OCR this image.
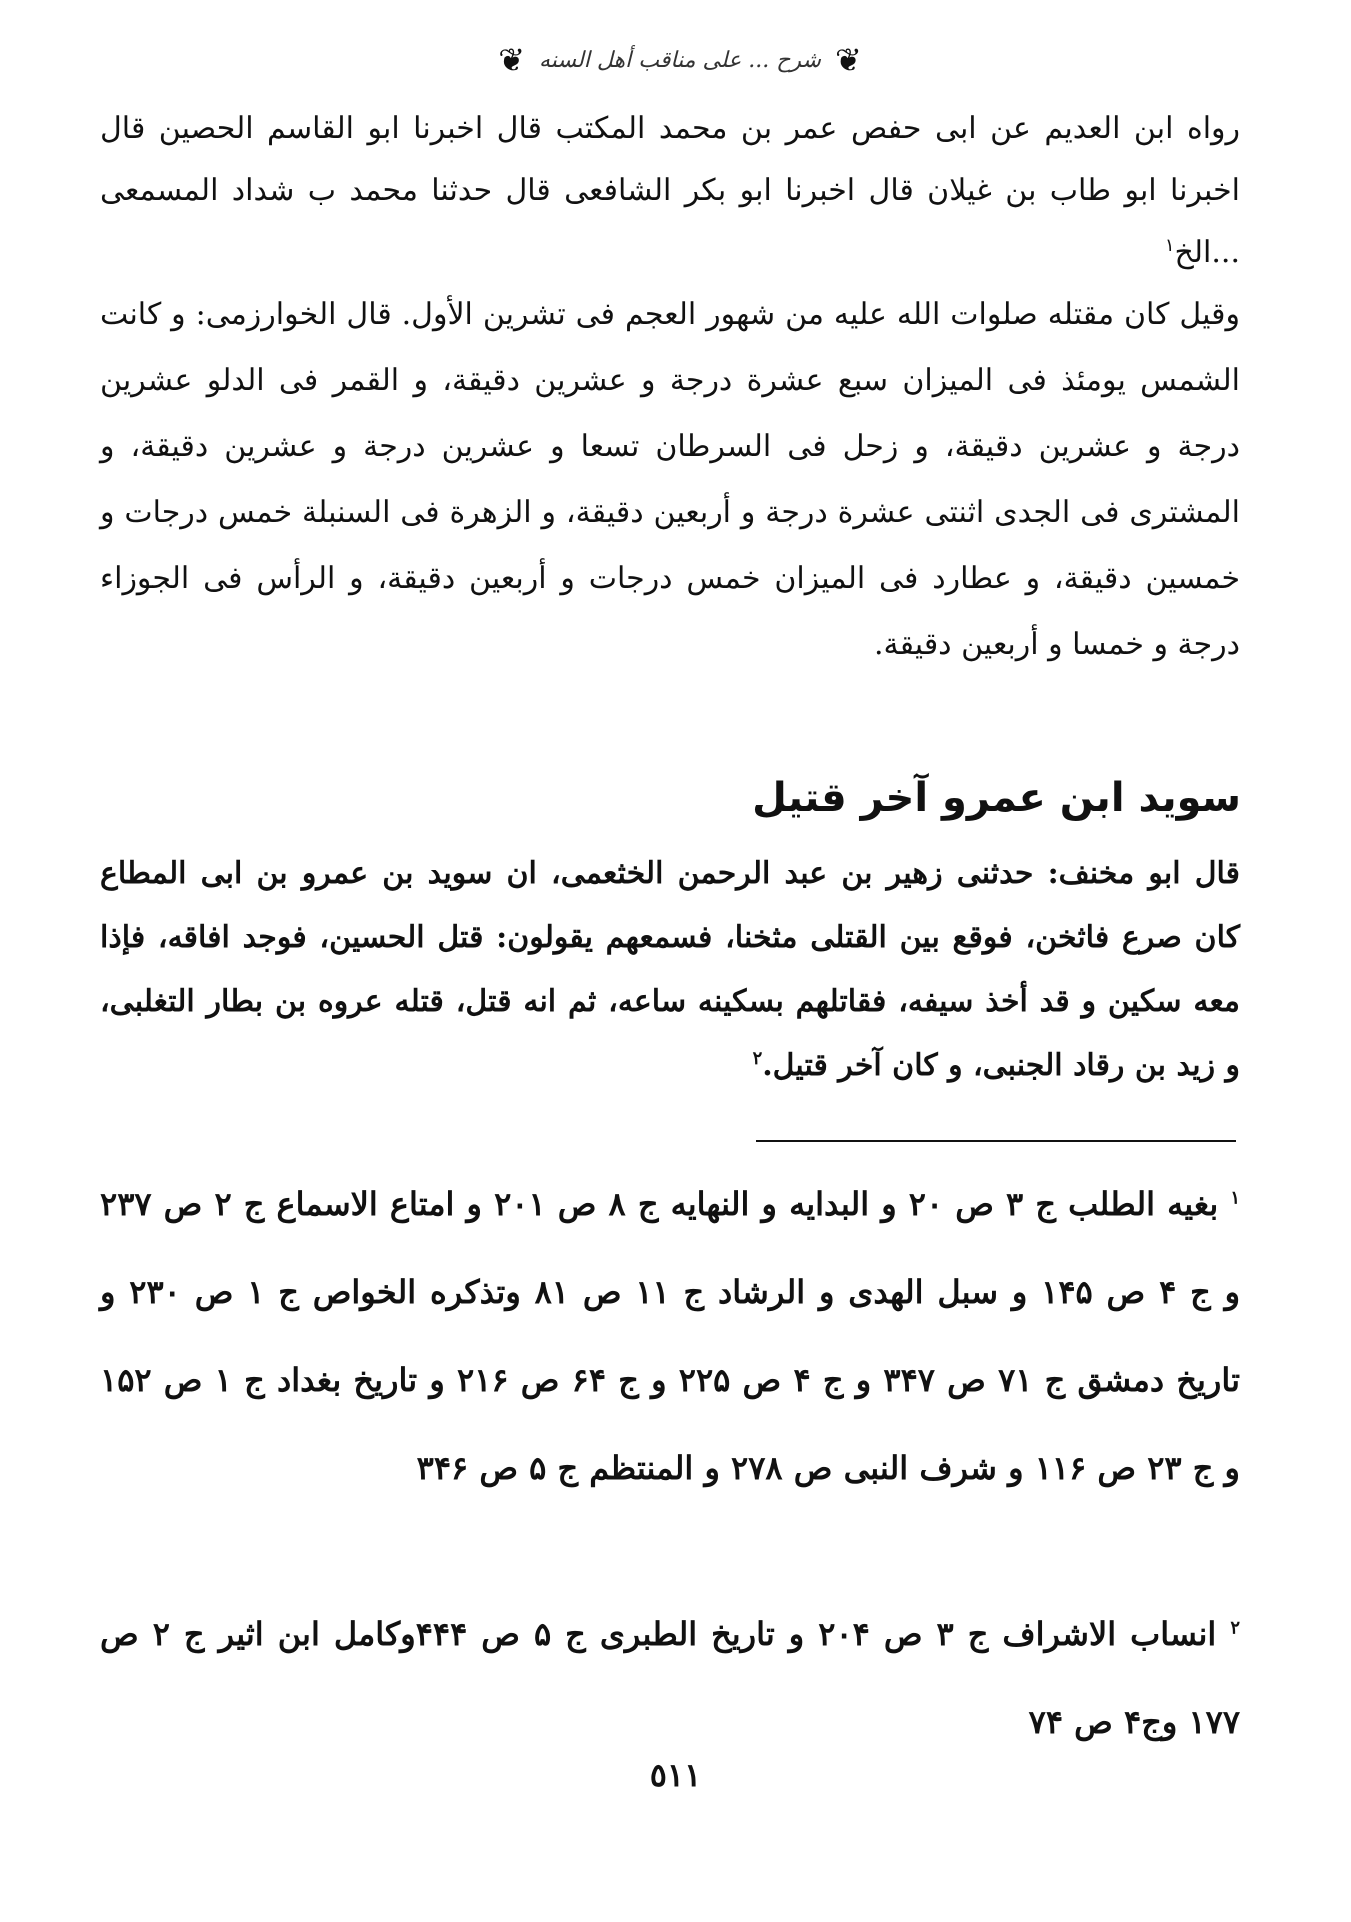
❦
شرح ... على مناقب أهل السنه
❦
رواه ابن العديم عن ابى حفص عمر بن محمد المكتب قال اخبرنا ابو القاسم الحصين قال اخبرنا ابو طاب بن غيلان قال اخبرنا ابو بكر الشافعى قال حدثنا محمد ب شداد المسمعى ...الخ$^١$
وقيل كان مقتله صلوات الله عليه من شهور العجم فى تشرين الأول. قال الخوارزمى: و كانت الشمس يومئذ فى الميزان سبع عشرة درجة و عشرين دقيقة، و القمر فى الدلو عشرين درجة و عشرين دقيقة، و زحل فى السرطان تسعا و عشرين درجة و عشرين دقيقة، و المشترى فى الجدى اثنتى عشرة درجة و أربعين دقيقة، و الزهرة فى السنبلة خمس درجات و خمسين دقيقة، و عطارد فى الميزان خمس درجات و أربعين دقيقة، و الرأس فى الجوزاء درجة و خمسا و أربعين دقيقة.
سويد ابن عمرو آخر قتيل
قال ابو مخنف: حدثنى زهير بن عبد الرحمن الخثعمى، ان سويد بن عمرو بن ابى المطاع كان صرع فاثخن، فوقع بين القتلى مثخنا، فسمعهم يقولون: قتل الحسين، فوجد افاقه، فإذا معه سكين و قد أخذ سيفه، فقاتلهم بسكينه ساعه، ثم انه قتل، قتله عروه بن بطار التغلبى، و زيد بن رقاد الجنبى، و كان آخر قتيل.$^٢$
$^١$ بغيه الطلب ج ٣ ص ٢٠ و البدايه و النهايه ج ٨ ص ٢٠١ و امتاع الاسماع ج ٢ ص ٢٣٧ و ج ۴ ص ١۴۵ و سبل الهدى و الرشاد ج ١١ ص ٨١ وتذكره الخواص ج ١ ص ٢٣٠ و تاريخ دمشق ج ٧١ ص ٣۴٧ و ج ۴ ص ٢٢۵ و ج ۶۴ ص ٢١۶ و تاريخ بغداد ج ١ ص ١۵٢ و ج ٢٣ ص ١١۶ و شرف النبى ص ٢٧٨ و المنتظم ج ۵ ص ٣۴۶
$^٢$ انساب الاشراف ج ٣ ص ٢٠۴ و تاريخ الطبرى ج ۵ ص ۴۴۴وكامل ابن اثير ج ٢ ص ١٧٧ وج۴ ص ٧۴
٥١١
